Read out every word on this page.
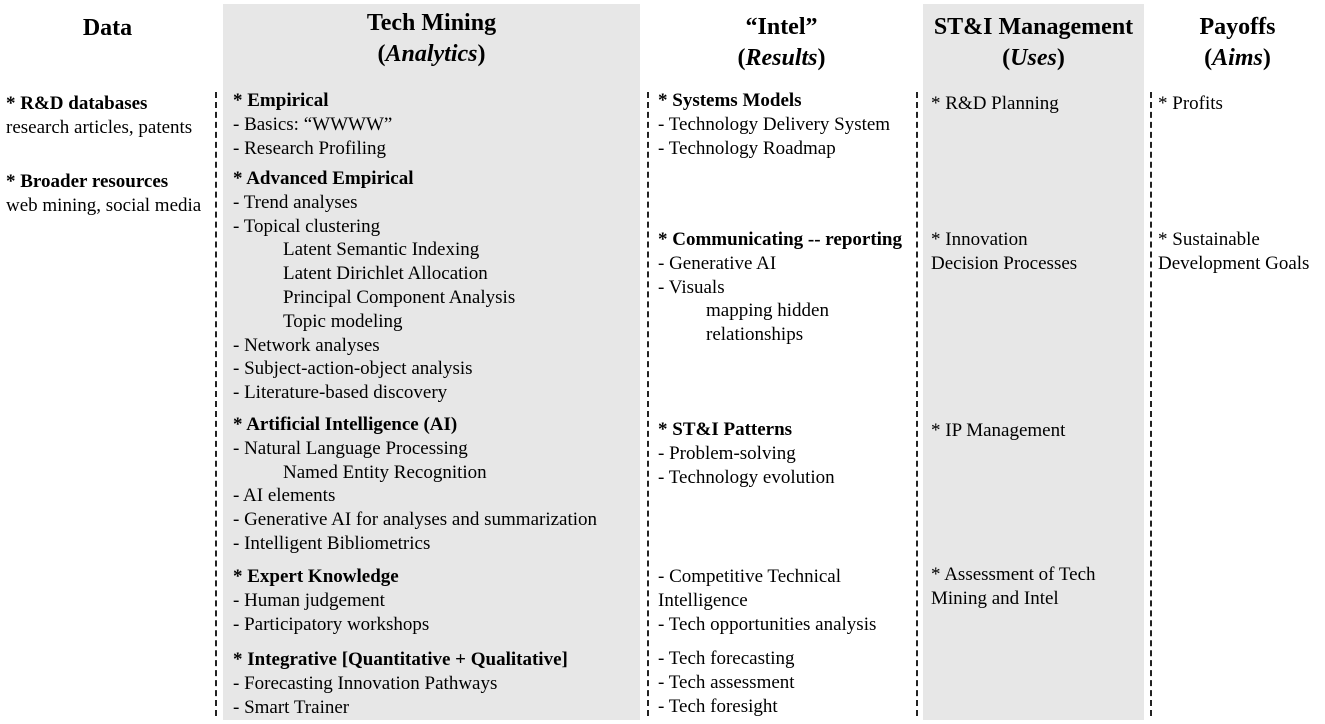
Data	Tech Mining
(Analytics)
“Intel”
(Results)
ST&I Management
(Uses)
Payoffs
(Aims)
* R&D databases
research articles, patents
* Broader resources
web mining, social media
* Empirical
- Basics: “WWWW”
- Research Profiling
* Advanced Empirical
- Trend analyses
- Topical clustering
Latent Semantic Indexing
Latent Dirichlet Allocation
Principal Component Analysis
Topic modeling
- Network analyses
- Subject-action-object analysis
- Literature-based discovery
* Artificial Intelligence (AI)
- Natural Language Processing
Named Entity Recognition
- AI elements
- Generative AI for analyses and summarization
- Intelligent Bibliometrics
* Expert Knowledge
- Human judgement
- Participatory workshops
* Integrative [Quantitative + Qualitative]
- Forecasting Innovation Pathways
- Smart Trainer
* Systems Models
- Technology Delivery System
- Technology Roadmap
* Communicating -- reporting
- Generative AI
- Visuals
mapping hidden
relationships
* ST&I Patterns
- Problem-solving
- Technology evolution
- Competitive Technical
Intelligence
- Tech opportunities analysis
- Tech forecasting
- Tech assessment
- Tech foresight
* R&D Planning
* Innovation
Decision Processes
* IP Management
* Assessment of Tech
Mining and Intel
* Profits
* Sustainable
Development Goals
